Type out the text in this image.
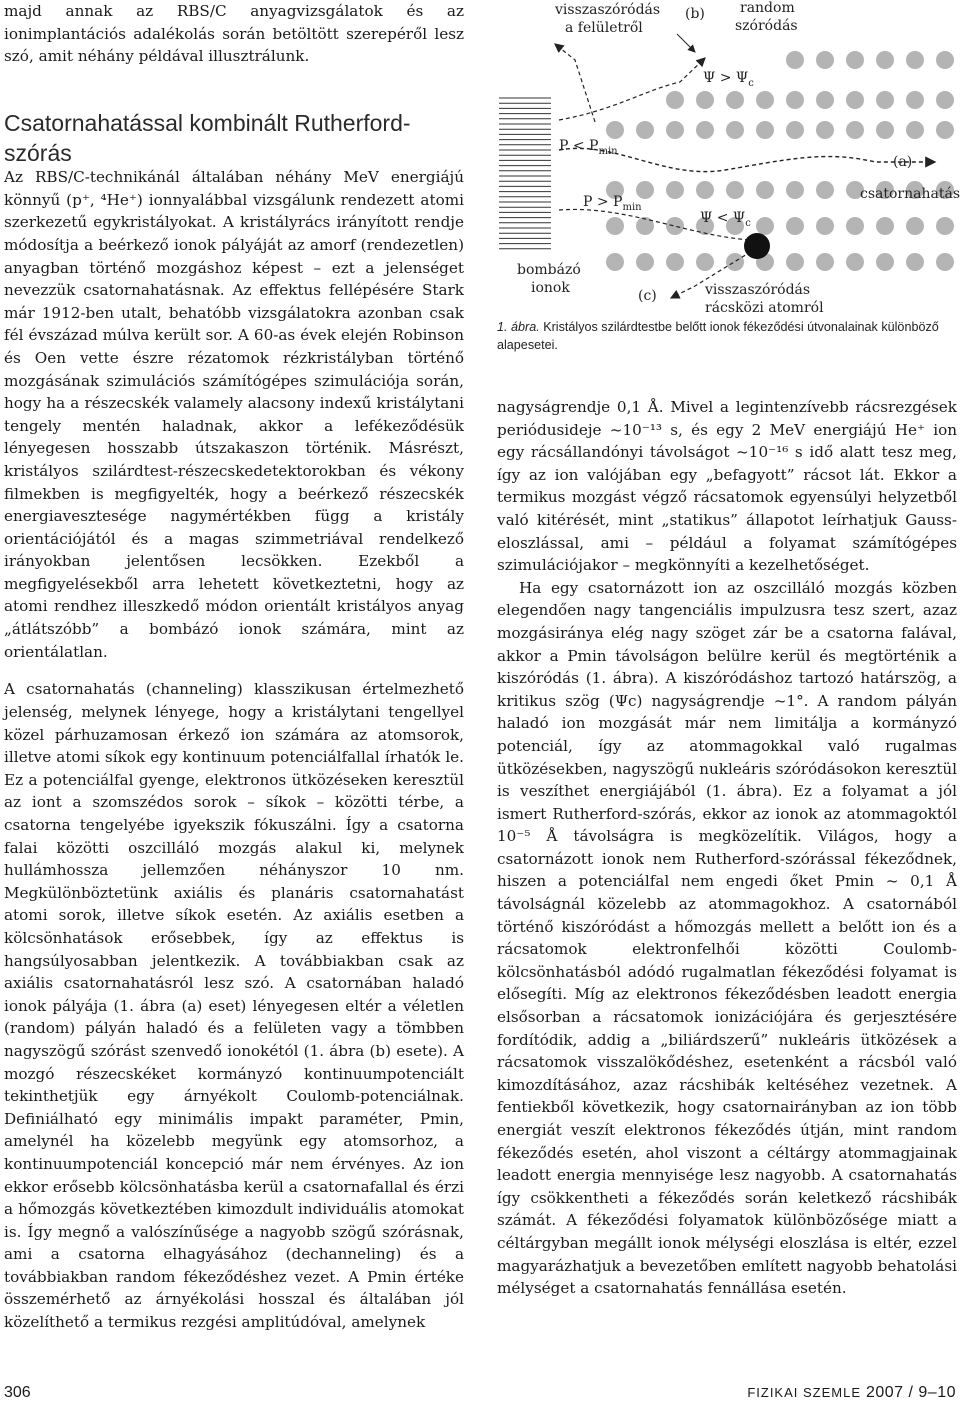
majd annak az RBS/C anyagvizsgálatok és az ionimplantációs adalékolás során betöltött szerepéről lesz szó, amit néhány példával illusztrálunk.
Csatornahatással kombinált Rutherford-szórás

Az RBS/C-technikánál általában néhány MeV energiájú könnyű (p⁺, ⁴He⁺) ionnyalábbal vizsgálunk rendezett atomi szerkezetű egykristályokat. A kristályrács irányított rendje módosítja a beérkező ionok pályáját az amorf (rendezetlen) anyagban történő mozgáshoz képest – ezt a jelenséget nevezzük csatornahatásnak. Az effektus fellépésére Stark már 1912-ben utalt, behatóbb vizsgálatokra azonban csak fél évszázad múlva került sor. A 60-as évek elején Robinson és Oen vette észre rézatomok rézkristályban történő mozgásának szimulációs számítógépes szimulációja során, hogy ha a részecskék valamely alacsony indexű kristálytani tengely mentén haladnak, akkor a lefékeződésük lényegesen hosszabb útszakaszon történik. Másrészt, kristályos szilárdtest-részecskedetektorokban és vékony filmekben is megfigyelték, hogy a beérkező részecskék energiavesztesége nagymértékben függ a kristály orientációjától és a magas szimmetriával rendelkező irányokban jelentősen lecsökken. Ezekből a megfigyelésekből arra lehetett következtetni, hogy az atomi rendhez illeszkedő módon orientált kristályos anyag „átlátszóbb” a bombázó ionok számára, mint az orientálatlan.

A csatornahatás (channeling) klasszikusan értelmezhető jelenség, melynek lényege, hogy a kristálytani tengellyel közel párhuzamosan érkező ion számára az atomsorok, illetve atomi síkok egy kontinuum potenciálfallal írhatók le. Ez a potenciálfal gyenge, elektronos ütközéseken keresztül az iont a szomszédos sorok – síkok – közötti térbe, a csatorna tengelyébe igyekszik fókuszálni. Így a csatorna falai közötti oszcilláló mozgás alakul ki, melynek hullámhossza jellemzően néhányszor 10 nm. Megkülönböztetünk axiális és planáris csatornahatást atomi sorok, illetve síkok esetén. Az axiális esetben a kölcsönhatások erősebbek, így az effektus is hangsúlyosabban jelentkezik. A továbbiakban csak az axiális csatornahatásról lesz szó. A csatornában haladó ionok pályája (1. ábra (a) eset) lényegesen eltér a véletlen (random) pályán haladó és a felületen vagy a tömbben nagyszögű szórást szenvedő ionokétól (1. ábra (b) esete). A mozgó részecskéket kormányzó kontinuumpotenciált tekinthetjük egy árnyékolt Coulomb-potenciálnak. Definiálható egy minimális impakt paraméter, Pmin, amelynél ha közelebb megyünk egy atomsorhoz, a kontinuumpotenciál koncepció már nem érvényes. Az ion ekkor erősebb kölcsönhatásba kerül a csatornafallal és érzi a hőmozgás következtében kimozdult individuális atomokat is. Így megnő a valószínűsége a nagyobb szögű szórásnak, ami a csatorna elhagyásához (dechanneling) és a továbbiakban random fékeződéshez vezet. A Pmin értéke összemérhető az árnyékolási hosszal és általában jól közelíthető a termikus rezgési amplitúdóval, amelynek

visszaszóródás
a felületről
(b)	random
szóródás
$\Psi > \Psi_c$
$P < P_{min}$
$P > P_{min}$
(a)
csatornahatás
$\Psi < \Psi_c$
bombázó
ionok	(c)	visszaszóródás
rácsközi atomról
1. ábra. Kristályos szilárdtestbe belőtt ionok fékeződési útvonalainak különböző alapesetei.

nagyságrendje 0,1 Å. Mivel a legintenzívebb rácsrezgések periódusideje ~10⁻¹³ s, és egy 2 MeV energiájú He⁺ ion egy rácsállandónyi távolságot ~10⁻¹⁶ s idő alatt tesz meg, így az ion valójában egy „befagyott” rácsot lát. Ekkor a termikus mozgást végző rácsatomok egyensúlyi helyzetből való kitérését, mint „statikus” állapotot leírhatjuk Gauss-eloszlással, ami – például a folyamat számítógépes szimulációjakor – megkönnyíti a kezelhetőséget.

Ha egy csatornázott ion az oszcilláló mozgás közben elegendően nagy tangenciális impulzusra tesz szert, azaz mozgásiránya elég nagy szöget zár be a csatorna falával, akkor a Pmin távolságon belülre kerül és megtörténik a kiszóródás (1. ábra). A kiszóródáshoz tartozó határszög, a kritikus szög (Ψc) nagyságrendje ~1°. A random pályán haladó ion mozgását már nem limitálja a kormányzó potenciál, így az atommagokkal való rugalmas ütközésekben, nagyszögű nukleáris szóródásokon keresztül is veszíthet energiájából (1. ábra). Ez a folyamat a jól ismert Rutherford-szórás, ekkor az ionok az atommagoktól 10⁻⁵ Å távolságra is megközelítik. Világos, hogy a csatornázott ionok nem Rutherford-szórással fékeződnek, hiszen a potenciálfal nem engedi őket Pmin ~ 0,1 Å távolságnál közelebb az atommagokhoz. A csatornából történő kiszóródást a hőmozgás mellett a belőtt ion és a rácsatomok elektronfelhői közötti Coulomb-kölcsönhatásból adódó rugalmatlan fékeződési folyamat is elősegíti. Míg az elektronos fékeződésben leadott energia elsősorban a rácsatomok ionizációjára és gerjesztésére fordítódik, addig a „biliárdszerű” nukleáris ütközések a rácsatomok visszalökődéshez, esetenként a rácsból való kimozdításához, azaz rácshibák keltéséhez vezetnek. A fentiekből következik, hogy csatornairányban az ion több energiát veszít elektronos fékeződés útján, mint random fékeződés esetén, ahol viszont a céltárgy atommagjainak leadott energia mennyisége lesz nagyobb. A csatornahatás így csökkentheti a fékeződés során keletkező rácshibák számát. A fékeződési folyamatok különbözősége miatt a céltárgyban megállt ionok mélységi eloszlása is eltér, ezzel magyarázhatjuk a bevezetőben említett nagyobb behatolási mélységet a csatornahatás fennállása esetén.

306	FIZIKAI SZEMLE 2007 / 9–10
